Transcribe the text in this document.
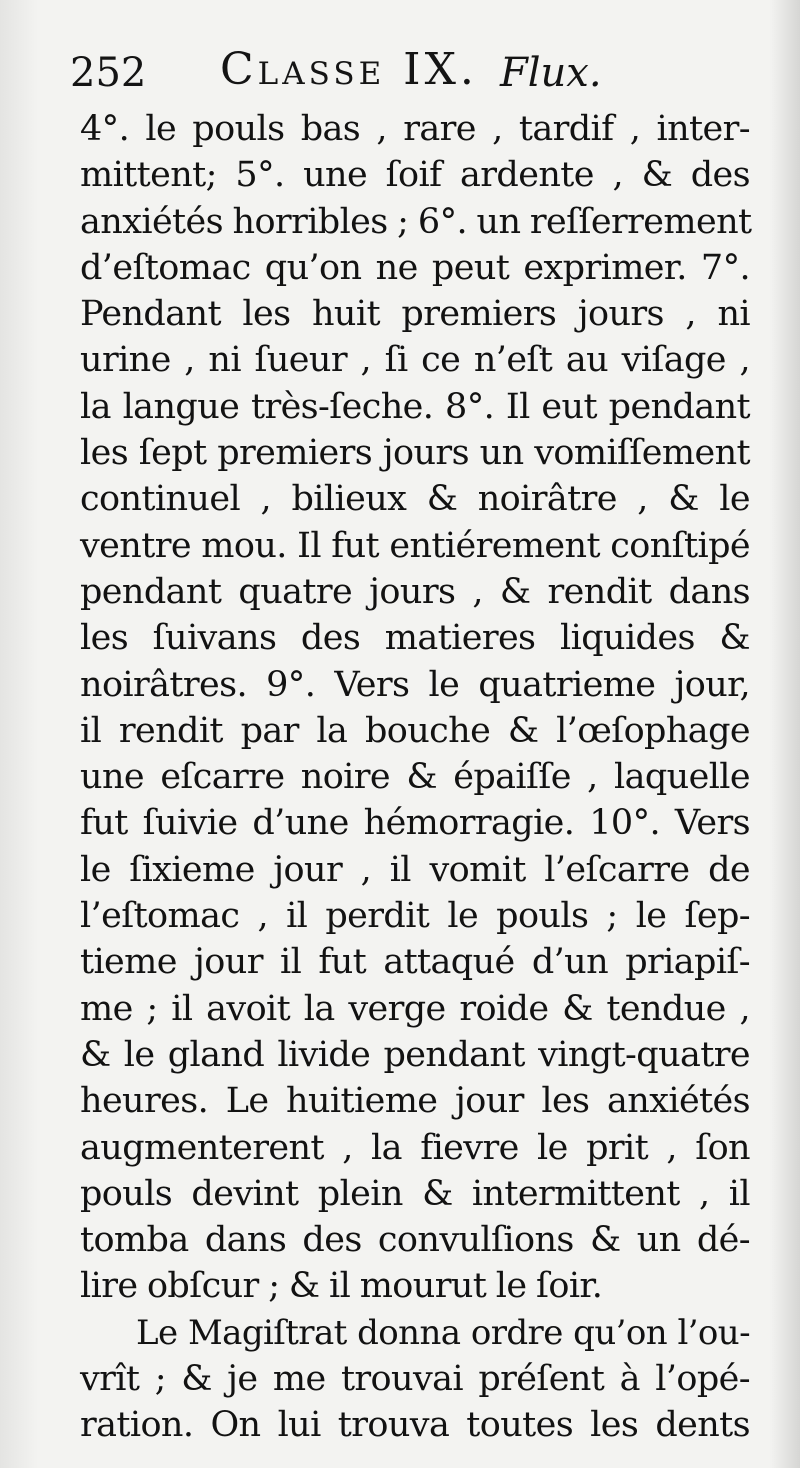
252 Classe IX. Flux.
4°. le pouls bas , rare , tardif , inter-
mittent; 5°. une ſoif ardente , & des
anxiétés horribles ; 6°. un reſſerrement
d’eſtomac qu’on ne peut exprimer. 7°.
Pendant les huit premiers jours , ni
urine , ni ſueur , ſi ce n’eſt au viſage ,
la langue très-ſeche. 8°. Il eut pendant
les ſept premiers jours un vomiſſement
continuel , bilieux & noirâtre , & le
ventre mou. Il fut entiérement conſtipé
pendant quatre jours , & rendit dans
les ſuivans des matieres liquides &
noirâtres. 9°. Vers le quatrieme jour,
il rendit par la bouche & l’œſophage
une eſcarre noire & épaiſſe , laquelle
fut ſuivie d’une hémorragie. 10°. Vers
le ſixieme jour , il vomit l’eſcarre de
l’eſtomac , il perdit le pouls ; le ſep-
tieme jour il fut attaqué d’un priapiſ-
me ; il avoit la verge roide & tendue ,
& le gland livide pendant vingt-quatre
heures. Le huitieme jour les anxiétés
augmenterent , la fievre le prit , ſon
pouls devint plein & intermittent , il
tomba dans des convulſions & un dé-
lire obſcur ; & il mourut le ſoir.
Le Magiſtrat donna ordre qu’on l’ou-
vrît ; & je me trouvai préſent à l’opé-
ration. On lui trouva toutes les dents
